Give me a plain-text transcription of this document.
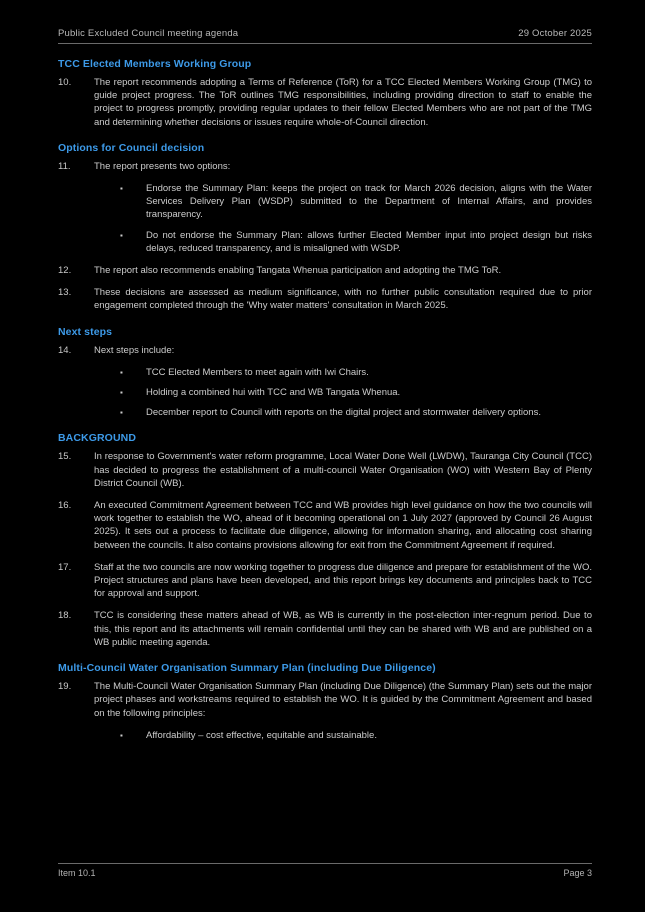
Public Excluded Council meeting agenda	29 October 2025
TCC Elected Members Working Group
10.	The report recommends adopting a Terms of Reference (ToR) for a TCC Elected Members Working Group (TMG) to guide project progress. The ToR outlines TMG responsibilities, including providing direction to staff to enable the project to progress promptly, providing regular updates to their fellow Elected Members who are not part of the TMG and determining whether decisions or issues require whole-of-Council direction.
Options for Council decision
11.	The report presents two options:
▪	Endorse the Summary Plan: keeps the project on track for March 2026 decision, aligns with the Water Services Delivery Plan (WSDP) submitted to the Department of Internal Affairs, and provides transparency.
▪	Do not endorse the Summary Plan: allows further Elected Member input into project design but risks delays, reduced transparency, and is misaligned with WSDP.
12.	The report also recommends enabling Tangata Whenua participation and adopting the TMG ToR.
13.	These decisions are assessed as medium significance, with no further public consultation required due to prior engagement completed through the 'Why water matters' consultation in March 2025.
Next steps
14.	Next steps include:
▪	TCC Elected Members to meet again with Iwi Chairs.
▪	Holding a combined hui with TCC and WB Tangata Whenua.
▪	December report to Council with reports on the digital project and stormwater delivery options.
BACKGROUND
15.	In response to Government's water reform programme, Local Water Done Well (LWDW), Tauranga City Council (TCC) has decided to progress the establishment of a multi-council Water Organisation (WO) with Western Bay of Plenty District Council (WB).
16.	An executed Commitment Agreement between TCC and WB provides high level guidance on how the two councils will work together to establish the WO, ahead of it becoming operational on 1 July 2027 (approved by Council 26 August 2025). It sets out a process to facilitate due diligence, allowing for information sharing, and allocating cost sharing between the councils. It also contains provisions allowing for exit from the Commitment Agreement if required.
17.	Staff at the two councils are now working together to progress due diligence and prepare for establishment of the WO. Project structures and plans have been developed, and this report brings key documents and principles back to TCC for approval and support.
18.	TCC is considering these matters ahead of WB, as WB is currently in the post-election inter-regnum period. Due to this, this report and its attachments will remain confidential until they can be shared with WB and are published on a WB public meeting agenda.
Multi-Council Water Organisation Summary Plan (including Due Diligence)
19.	The Multi-Council Water Organisation Summary Plan (including Due Diligence) (the Summary Plan) sets out the major project phases and workstreams required to establish the WO. It is guided by the Commitment Agreement and based on the following principles:
▪	Affordability – cost effective, equitable and sustainable.
Item 10.1	Page 3
